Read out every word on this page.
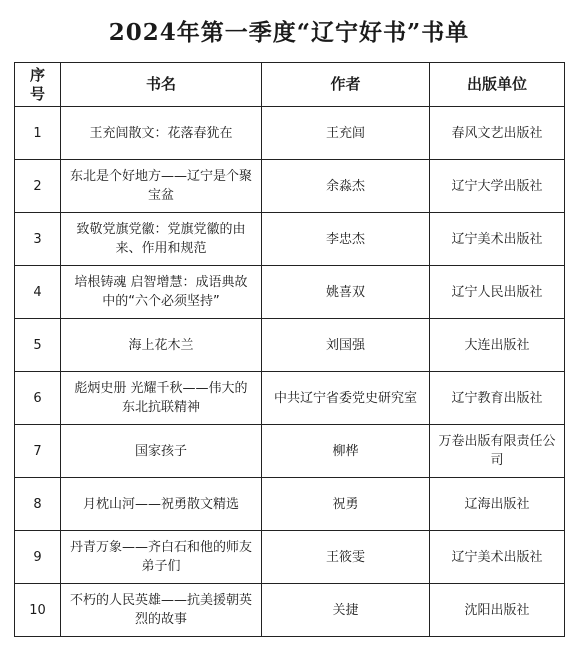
2024年第一季度“辽宁好书”书单
序号	书名	作者	出版单位
1	王充闾散文：花落春犹在	王充闾	春风文艺出版社
2	东北是个好地方——辽宁是个聚宝盆	余淼杰	辽宁大学出版社
3	致敬党旗党徽：党旗党徽的由来、作用和规范	李忠杰	辽宁美术出版社
4	培根铸魂 启智增慧：成语典故中的“六个必须坚持”	姚喜双	辽宁人民出版社
5	海上花木兰	刘国强	大连出版社
6	彪炳史册 光耀千秋——伟大的东北抗联精神	中共辽宁省委党史研究室	辽宁教育出版社
7	国家孩子	柳桦	万卷出版有限责任公司
8	月枕山河——祝勇散文精选	祝勇	辽海出版社
9	丹青万象——齐白石和他的师友弟子们	王筱雯	辽宁美术出版社
10	不朽的人民英雄——抗美援朝英烈的故事	关捷	沈阳出版社
